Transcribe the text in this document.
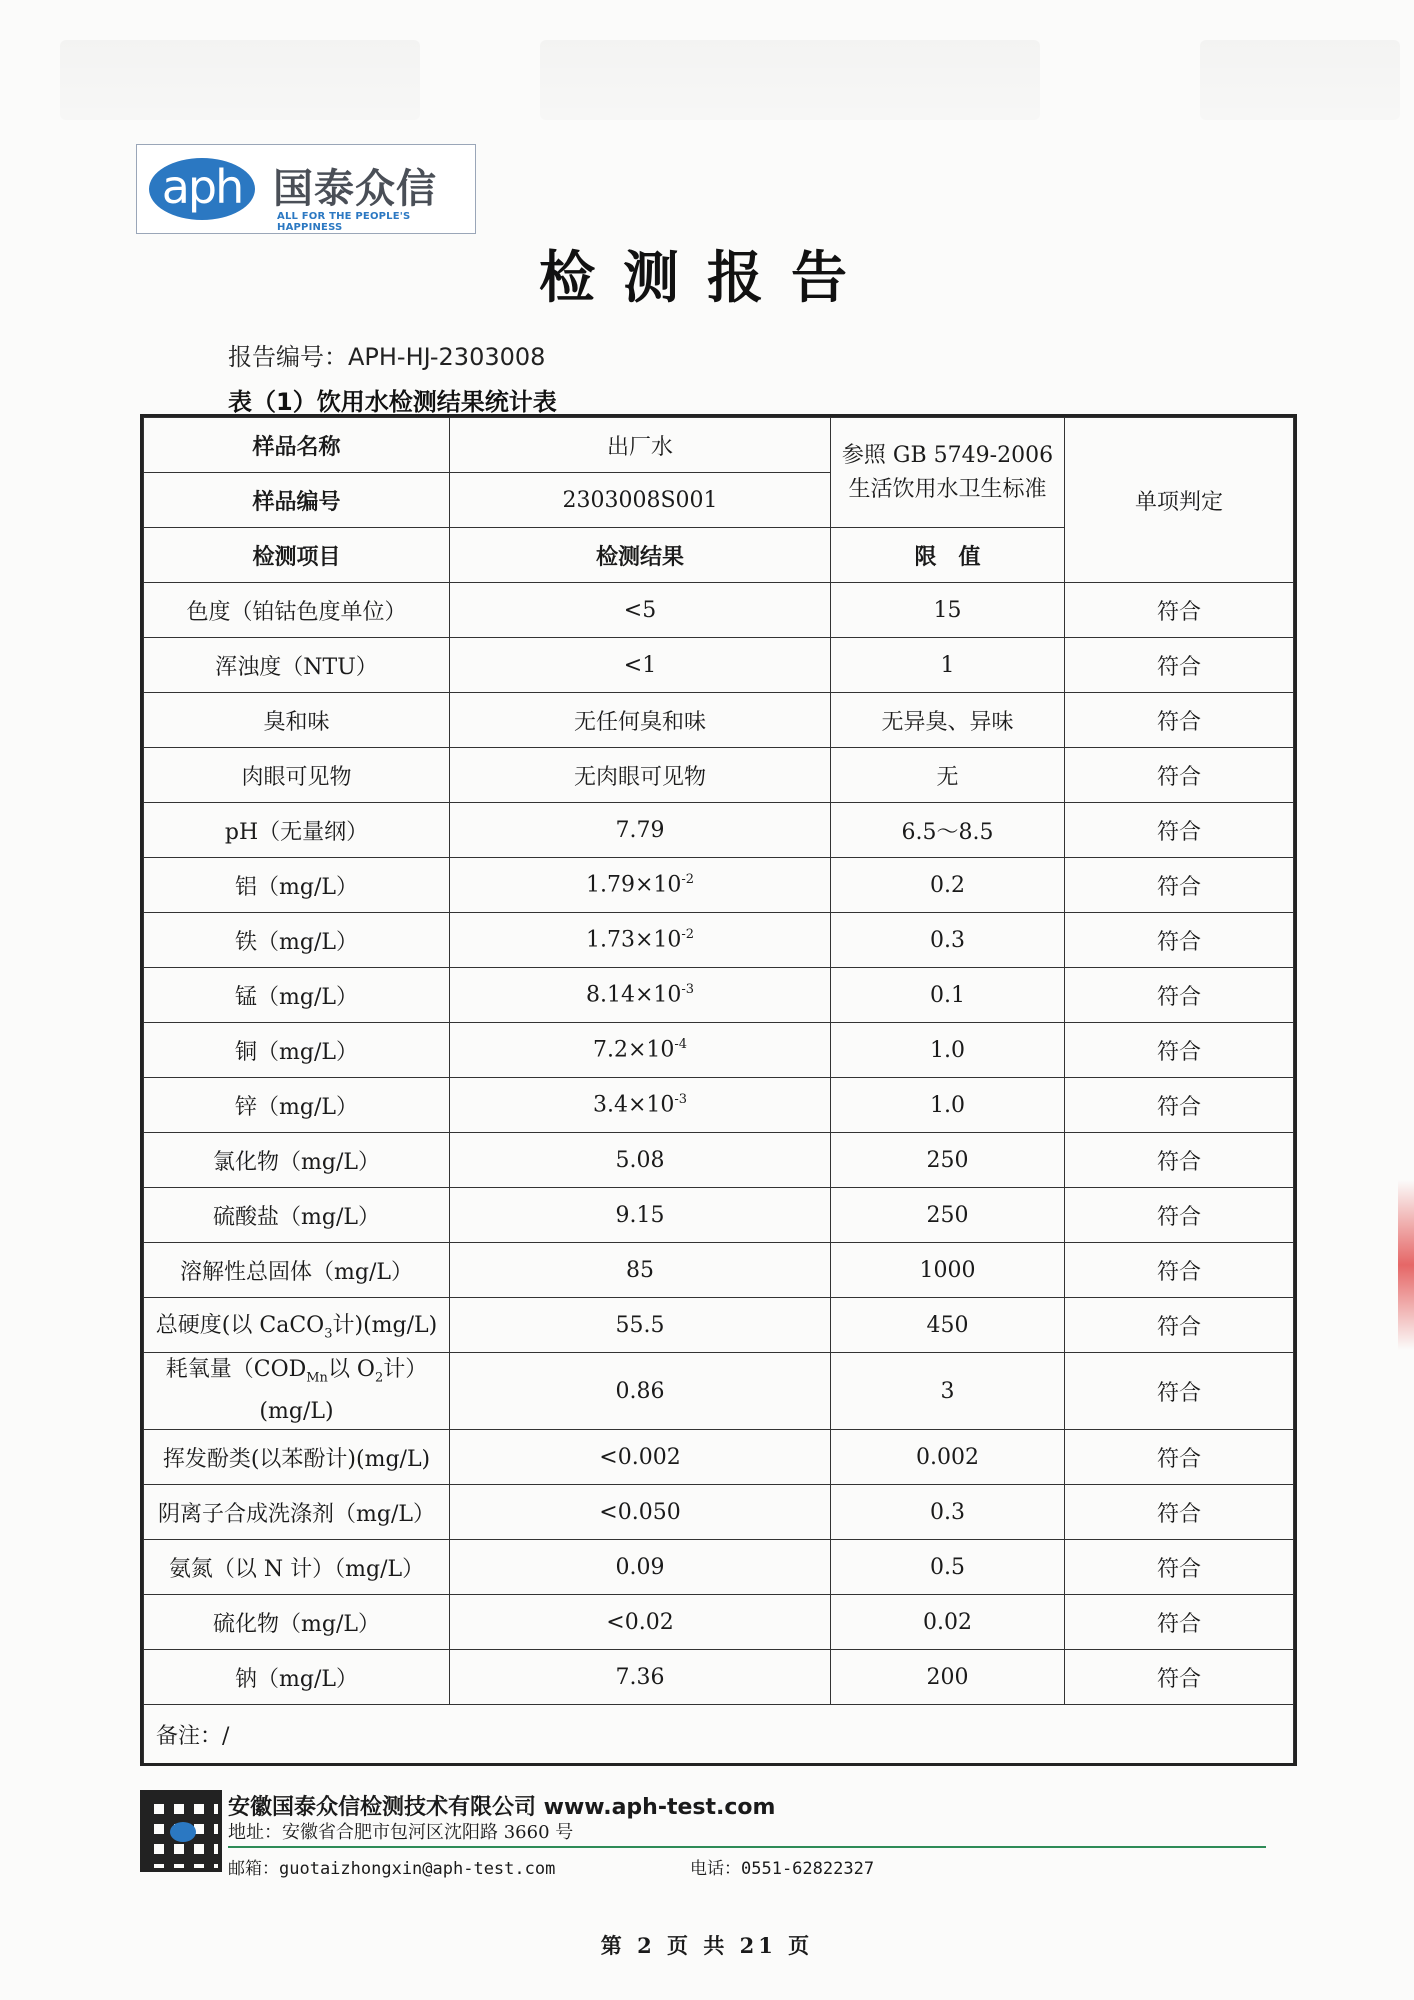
aph 国泰众信
ALL FOR THE PEOPLE'S HAPPINESS
检测报告
报告编号：APH-HJ-2303008
表（1）饮用水检测结果统计表
样品名称	出厂水	参照 GB 5749-2006 生活饮用水卫生标准	单项判定
样品编号	2303008S001		
检测项目	检测结果	限　值	
色度（铂钴色度单位）	<5	15	符合
浑浊度（NTU）	<1	1	符合
臭和味	无任何臭和味	无异臭、异味	符合
肉眼可见物	无肉眼可见物	无	符合
pH（无量纲）	7.79	6.5～8.5	符合
铝（mg/L）	$1.79\times 10^{-2}$	0.2	符合
铁（mg/L）	$1.73\times 10^{-2}$	0.3	符合
锰（mg/L）	$8.14\times 10^{-3}$	0.1	符合
铜（mg/L）	$7.2\times 10^{-4}$	1.0	符合
锌（mg/L）	$3.4\times 10^{-3}$	1.0	符合
氯化物（mg/L）	5.08	250	符合
硫酸盐（mg/L）	9.15	250	符合
溶解性总固体（mg/L）	85	1000	符合
总硬度(以 CaCO$_3$计)(mg/L)	55.5	450	符合
耗氧量（$COD_{Mn}$以 $O_2$计）
(mg/L)	0.86	3	符合
挥发酚类(以苯酚计)(mg/L)	<0.002	0.002	符合
阴离子合成洗涤剂（mg/L）	<0.050	0.3	符合
氨氮（以 N 计）（mg/L）	0.09	0.5	符合
硫化物（mg/L）	<0.02	0.02	符合
钠（mg/L）	7.36	200	符合
备注：/			
安徽国泰众信检测技术有限公司 www.aph-test.com
地址：安徽省合肥市包河区沈阳路 3660 号
邮箱：guotaizhongxin@aph-test.com	电话：0551-62822327
第 2 页 共 21 页
